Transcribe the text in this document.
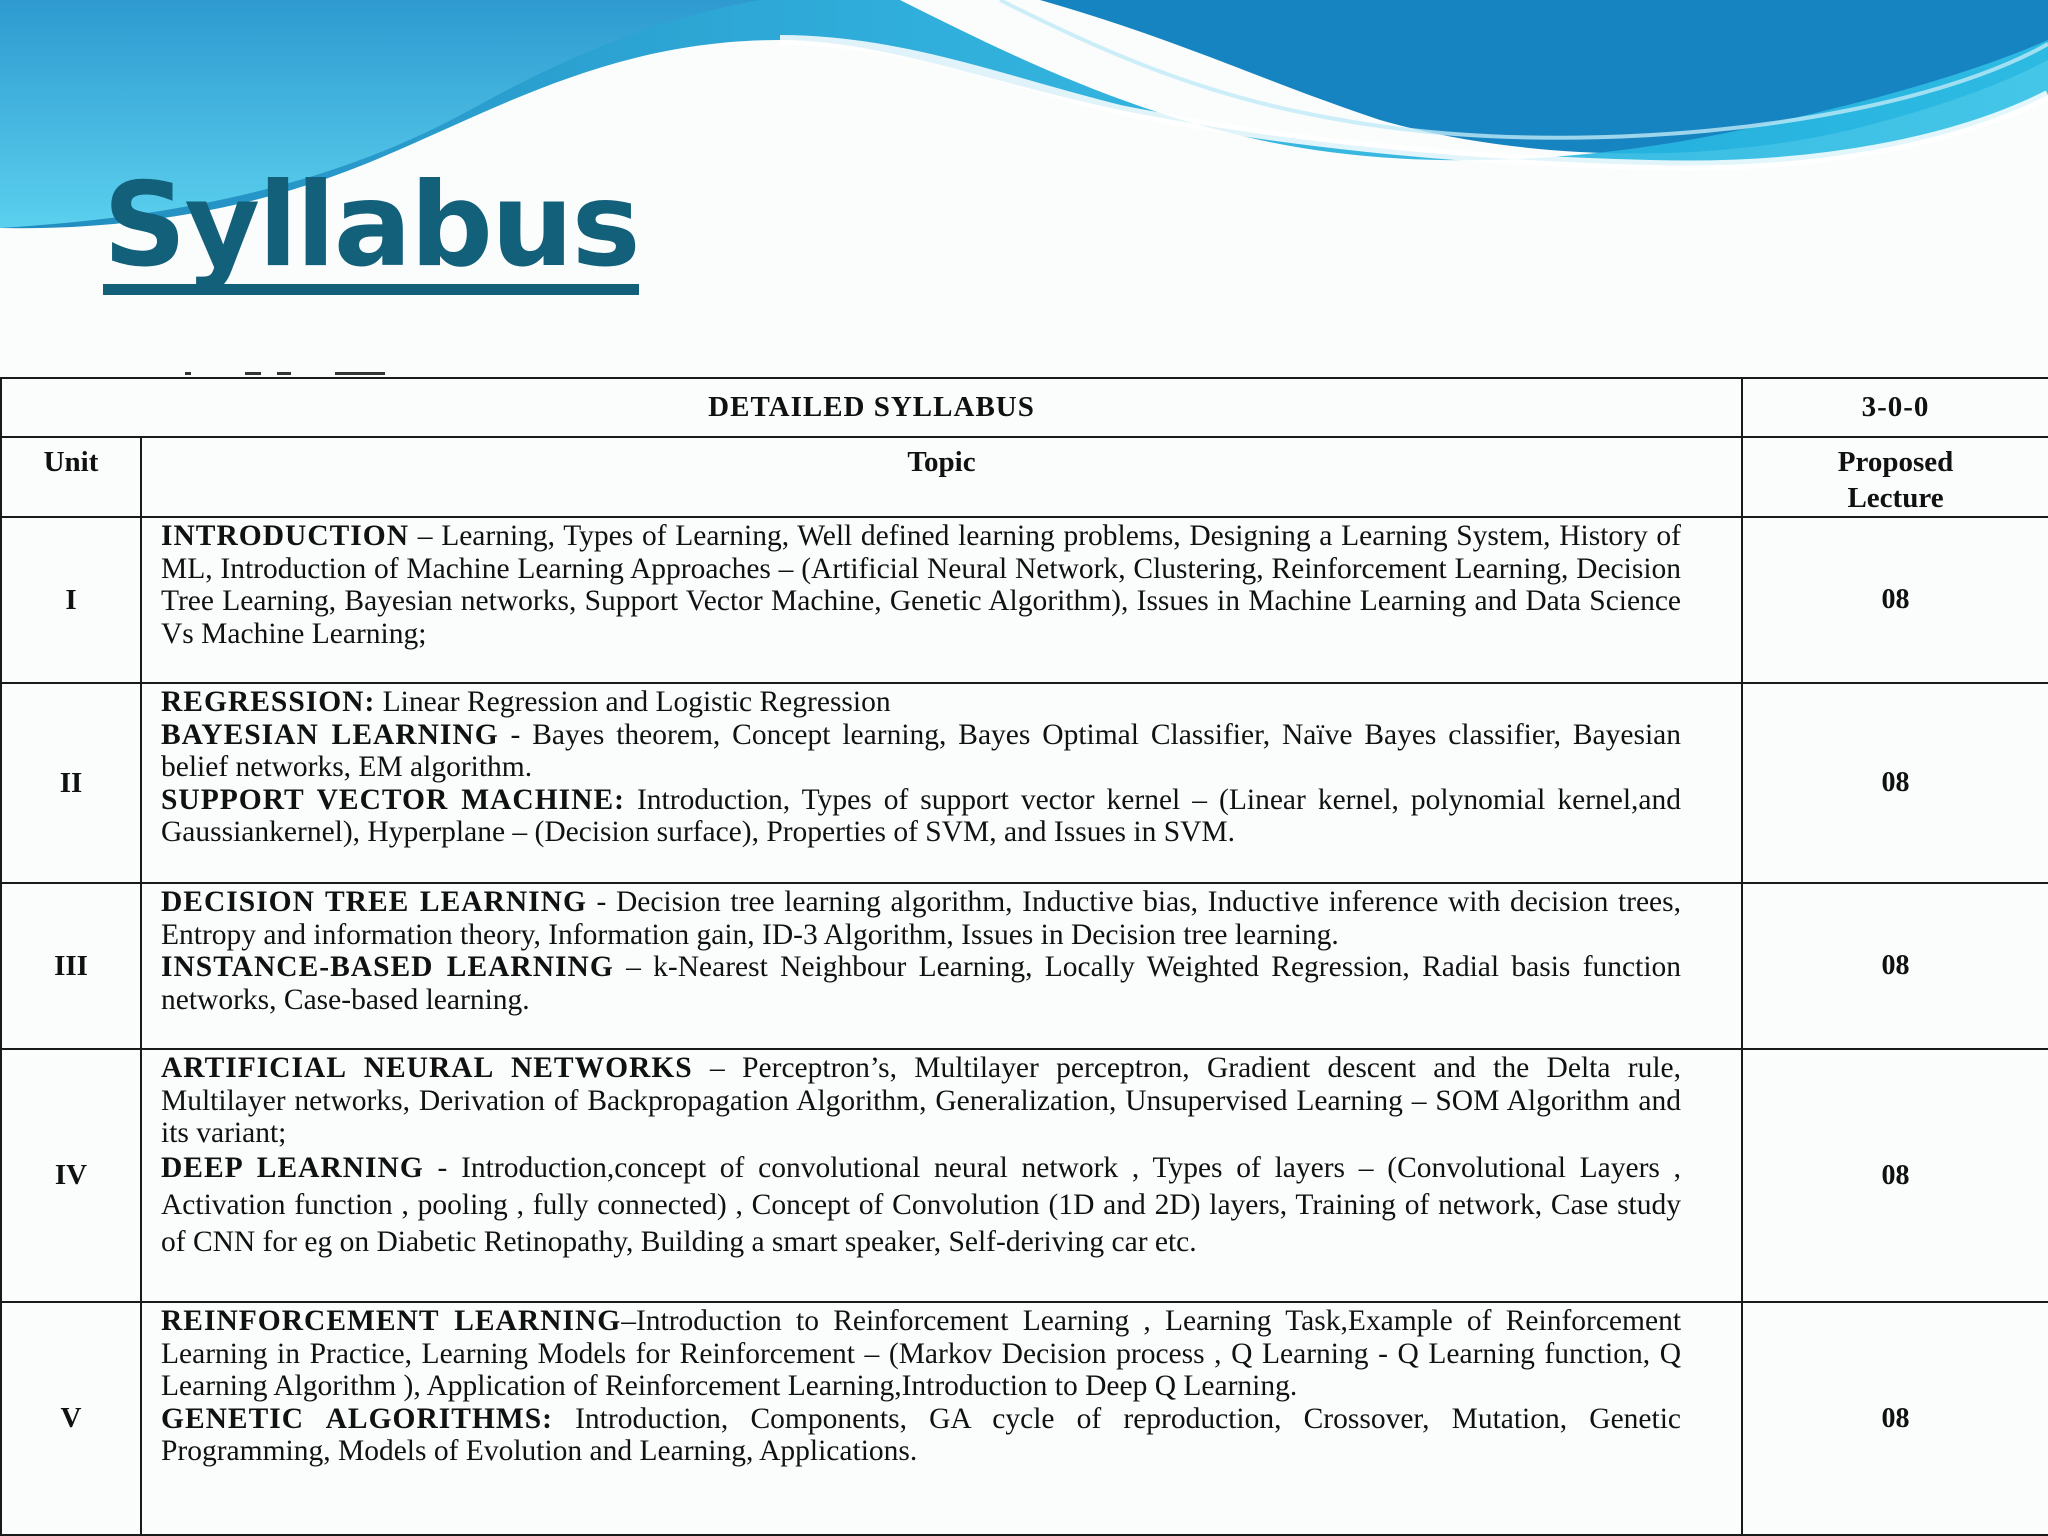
Syllabus
DETAILED SYLLABUS		3-0-0
Unit	Topic	Proposed Lecture
I	INTRODUCTION – Learning, Types of Learning, Well defined learning problems, Designing a Learning System, History of ML, Introduction of Machine Learning Approaches – (Artificial Neural Network, Clustering, Reinforcement Learning, Decision Tree Learning, Bayesian networks, Support Vector Machine, Genetic Algorithm), Issues in Machine Learning and Data Science Vs Machine Learning;	08
II	REGRESSION: Linear Regression and Logistic Regression

BAYESIAN LEARNING - Bayes theorem, Concept learning, Bayes Optimal Classifier, Naïve Bayes classifier, Bayesian belief networks, EM algorithm.

SUPPORT VECTOR MACHINE: Introduction, Types of support vector kernel – (Linear kernel, polynomial kernel,and Gaussiankernel), Hyperplane – (Decision surface), Properties of SVM, and Issues in SVM.	08
III	DECISION TREE LEARNING - Decision tree learning algorithm, Inductive bias, Inductive inference with decision trees, Entropy and information theory, Information gain, ID-3 Algorithm, Issues in Decision tree learning.

INSTANCE-BASED LEARNING – k-Nearest Neighbour Learning, Locally Weighted Regression, Radial basis function networks, Case-based learning.	08
IV	ARTIFICIAL NEURAL NETWORKS – Perceptron’s, Multilayer perceptron, Gradient descent and the Delta rule, Multilayer networks, Derivation of Backpropagation Algorithm, Generalization, Unsupervised Learning – SOM Algorithm and its variant;

DEEP LEARNING - Introduction,concept of convolutional neural network , Types of layers – (Convolutional Layers , Activation function , pooling , fully connected) , Concept of Convolution (1D and 2D) layers, Training of network, Case study of CNN for eg on Diabetic Retinopathy, Building a smart speaker, Self-deriving car etc.	08
V	REINFORCEMENT LEARNING–Introduction to Reinforcement Learning , Learning Task,Example of Reinforcement Learning in Practice, Learning Models for Reinforcement – (Markov Decision process , Q Learning - Q Learning function, Q Learning Algorithm ), Application of Reinforcement Learning,Introduction to Deep Q Learning.

GENETIC ALGORITHMS: Introduction, Components, GA cycle of reproduction, Crossover, Mutation, Genetic Programming, Models of Evolution and Learning, Applications.	08
